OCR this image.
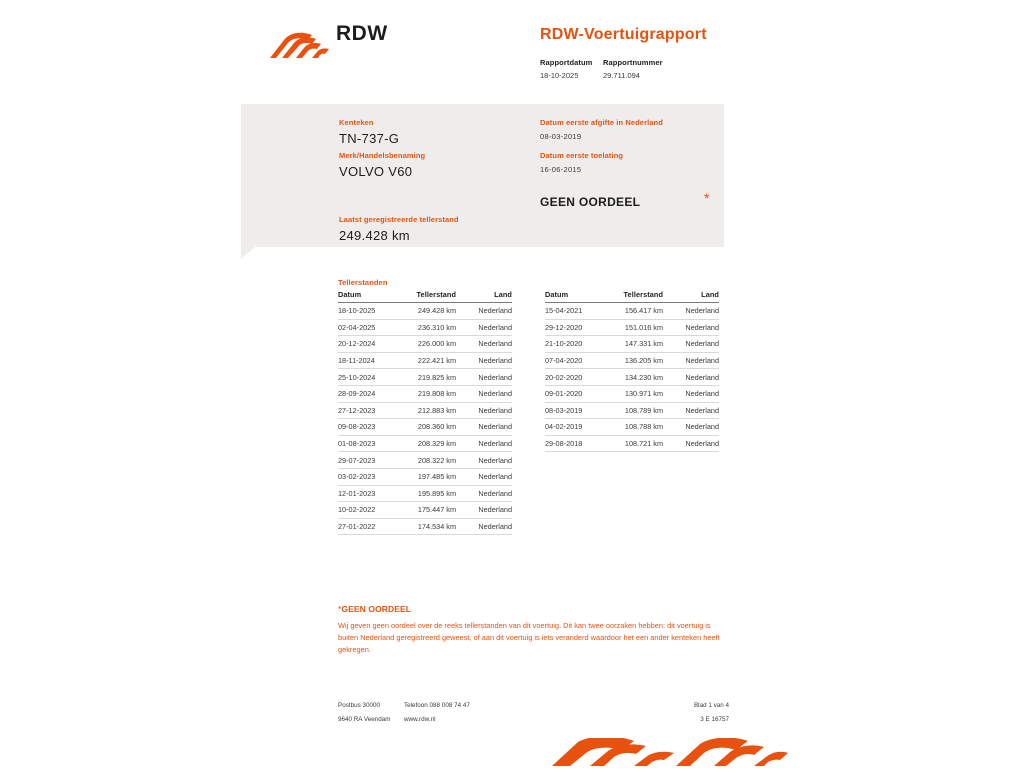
RDW	RDW-Voertuigrapport
Rapportdatum
18-10-2025
Rapportnummer
29.711.094
Kenteken
TN-737-G
Merk/Handelsbenaming
VOLVO V60
Laatst geregistreerde tellerstand
249.428 km
Datum eerste afgifte in Nederland
08-03-2019
Datum eerste toelating
16-06-2015
GEEN OORDEEL	*
Tellerstanden
Datum	Tellerstand	Land
18-10-2025	249.428 km	Nederland
02-04-2025	236.310 km	Nederland
20-12-2024	226.000 km	Nederland
18-11-2024	222.421 km	Nederland
25-10-2024	219.825 km	Nederland
28-09-2024	219.808 km	Nederland
27-12-2023	212.883 km	Nederland
09-08-2023	208.360 km	Nederland
01-08-2023	208.329 km	Nederland
29-07-2023	208.322 km	Nederland
03-02-2023	197.485 km	Nederland
12-01-2023	195.895 km	Nederland
10-02-2022	175.447 km	Nederland
27-01-2022	174.534 km	Nederland
Datum	Tellerstand	Land
15-04-2021	156.417 km	Nederland
29-12-2020	151.016 km	Nederland
21-10-2020	147.331 km	Nederland
07-04-2020	136.205 km	Nederland
20-02-2020	134.230 km	Nederland
09-01-2020	130.971 km	Nederland
08-03-2019	108.789 km	Nederland
04-02-2019	108.788 km	Nederland
29-08-2018	108.721 km	Nederland
*GEEN OORDEEL
Wij geven geen oordeel over de reeks tellerstanden van dit voertuig. Dit kan twee oorzaken hebben: dit voertuig is buiten Nederland geregistreerd geweest, of aan dit voertuig is iets veranderd waardoor het een ander kenteken heeft gekregen.
Postbus 30000	Telefoon 088 008 74 47	Blad 1 van 4
9640 RA Veendam	www.rdw.nl	3 E 16757
